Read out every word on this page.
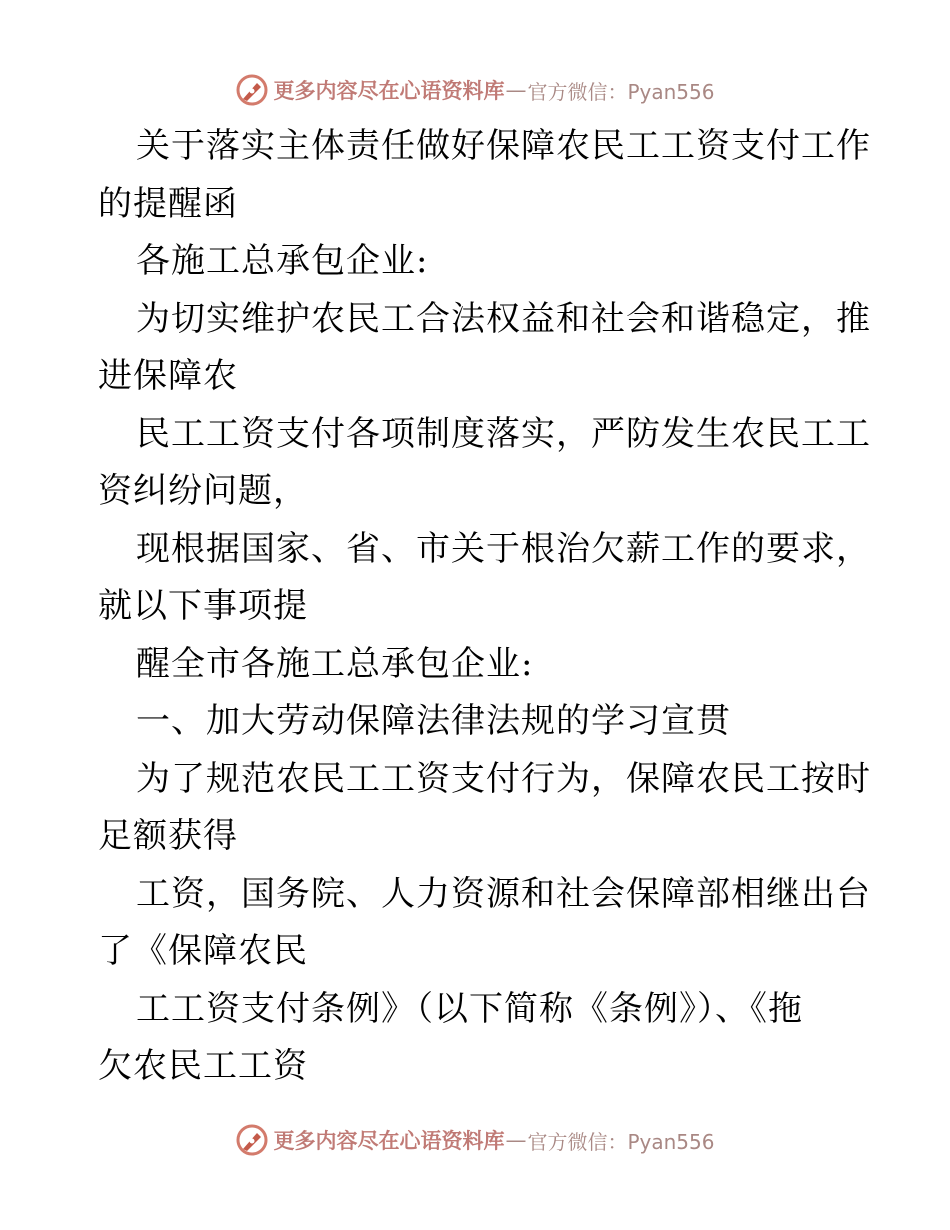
更多内容尽在心语资料库 — 官方微信：Pyan556
关于落实主体责任做好保障农民工工资支付工作
的提醒函
各施工总承包企业:
为切实维护农民工合法权益和社会和谐稳定，推
进保障农
民工工资支付各项制度落实，严防发生农民工工
资纠纷问题，
现根据国家、省、市关于根治欠薪工作的要求，
就以下事项提
醒全市各施工总承包企业:
一、加大劳动保障法律法规的学习宣贯
为了规范农民工工资支付行为，保障农民工按时
足额获得
工资，国务院、人力资源和社会保障部相继出台
了《保障农民
工工资支付条例》（以下简称《条例》）、《拖
欠农民工工资
更多内容尽在心语资料库 — 官方微信：Pyan556
